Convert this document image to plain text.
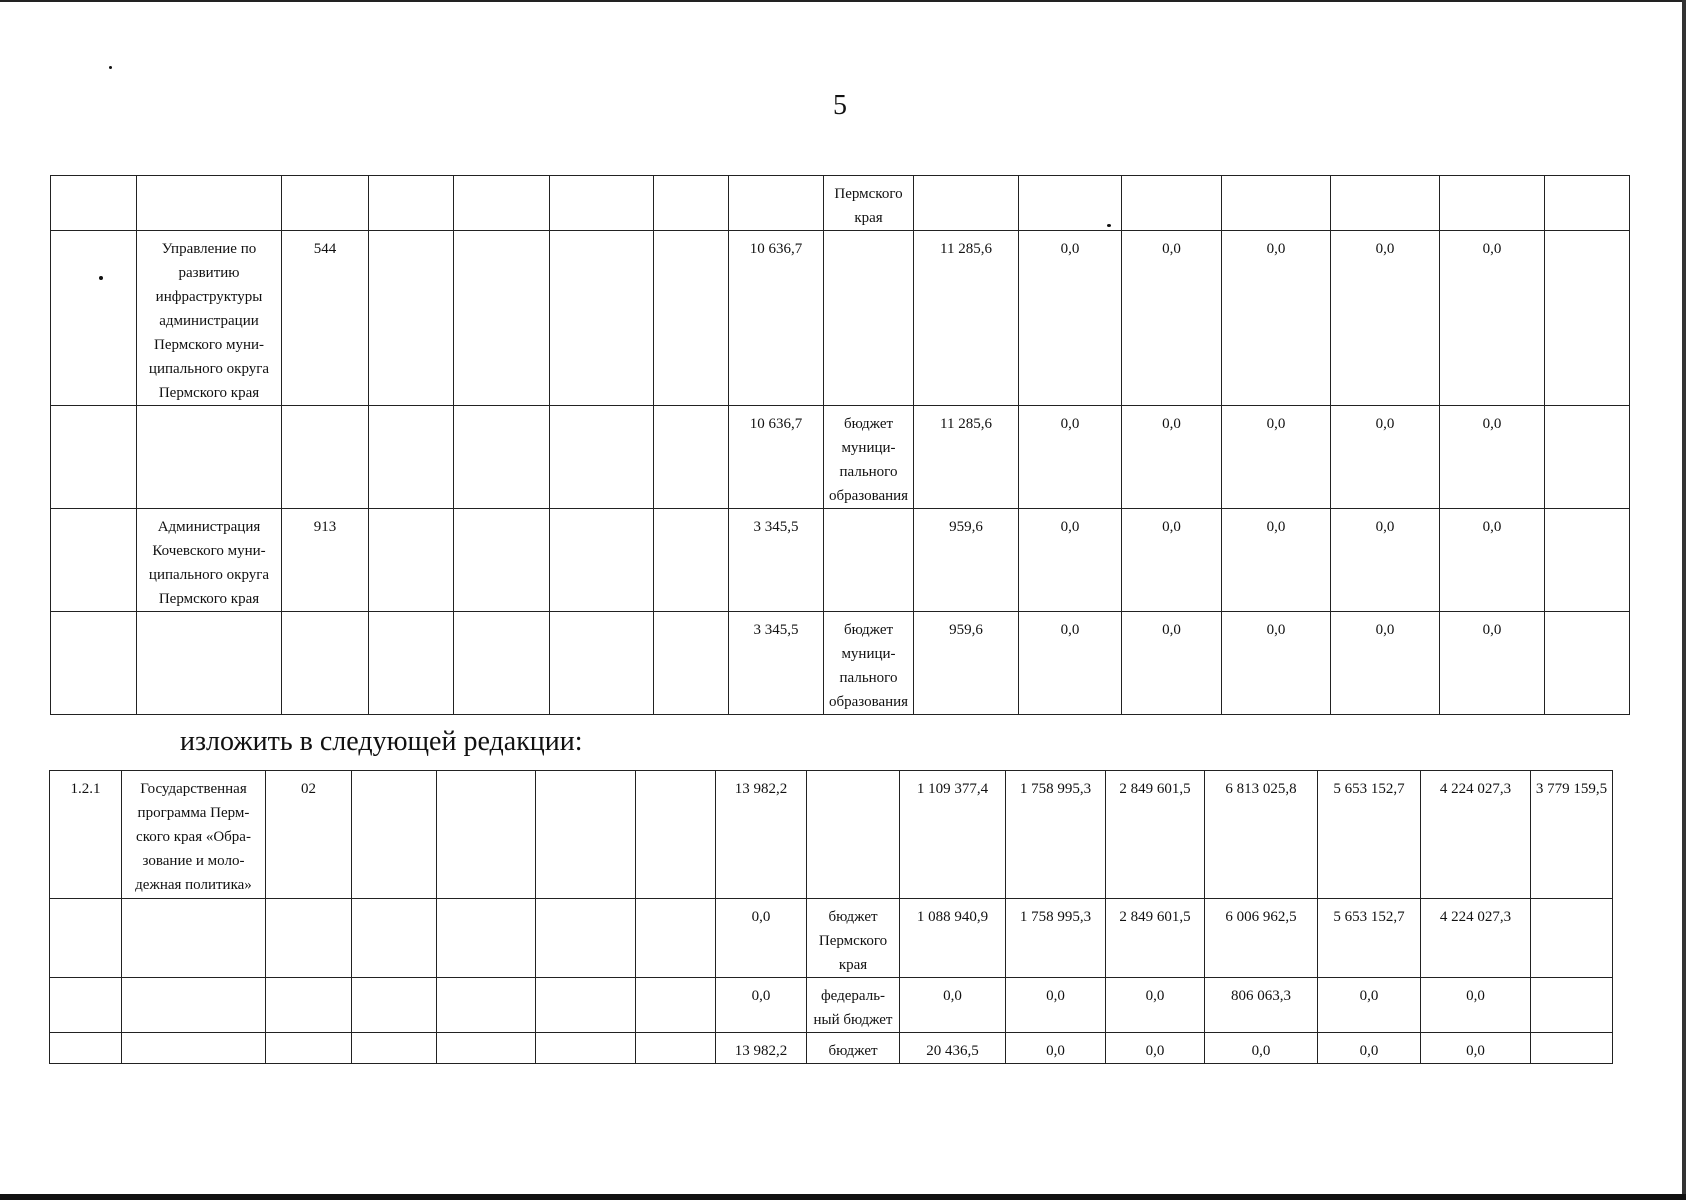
5
								Пермского края							
	Управление по развитию инфраструктуры администрации Пермского муни- ципального округа Пермского края	544					10 636,7		11 285,6	0,0	0,0	0,0	0,0	0,0	
							10 636,7	бюджет муници- пального образования	11 285,6	0,0	0,0	0,0	0,0	0,0	
	Администрация Кочевского муни- ципального округа Пермского края	913					3 345,5		959,6	0,0	0,0	0,0	0,0	0,0	
							3 345,5	бюджет муници- пального образования	959,6	0,0	0,0	0,0	0,0	0,0	
изложить в следующей редакции:
1.2.1	Государственная программа Перм- ского края «Обра- зование и моло- дежная политика»	02					13 982,2		1 109 377,4	1 758 995,3	2 849 601,5	6 813 025,8	5 653 152,7	4 224 027,3	3 779 159,5
							0,0	бюджет Пермского края	1 088 940,9	1 758 995,3	2 849 601,5	6 006 962,5	5 653 152,7	4 224 027,3	
							0,0	федераль- ный бюджет	0,0	0,0	0,0	806 063,3	0,0	0,0	
							13 982,2	бюджет	20 436,5	0,0	0,0	0,0	0,0	0,0	
